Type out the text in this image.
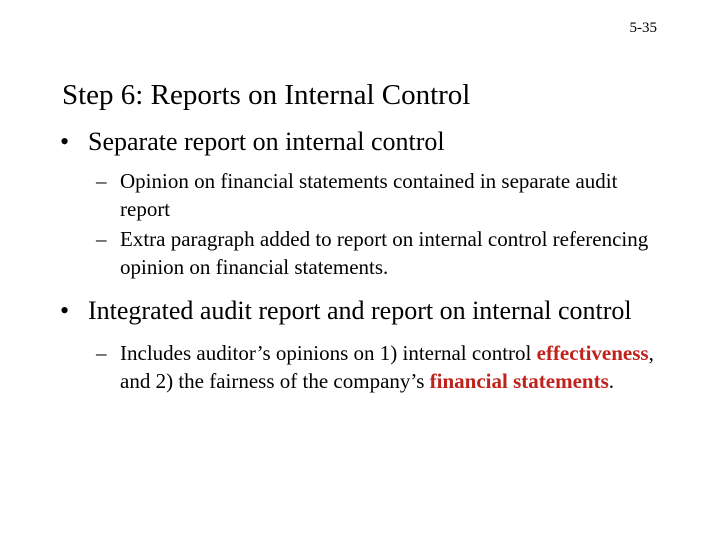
5-35
Step 6: Reports on Internal Control
• Separate report on internal control
– Opinion on financial statements contained in separate audit report
– Extra paragraph added to report on internal control referencing opinion on financial statements.
• Integrated audit report and report on internal control
– Includes auditor’s opinions on 1) internal control effectiveness, and 2) the fairness of the company’s financial statements.
